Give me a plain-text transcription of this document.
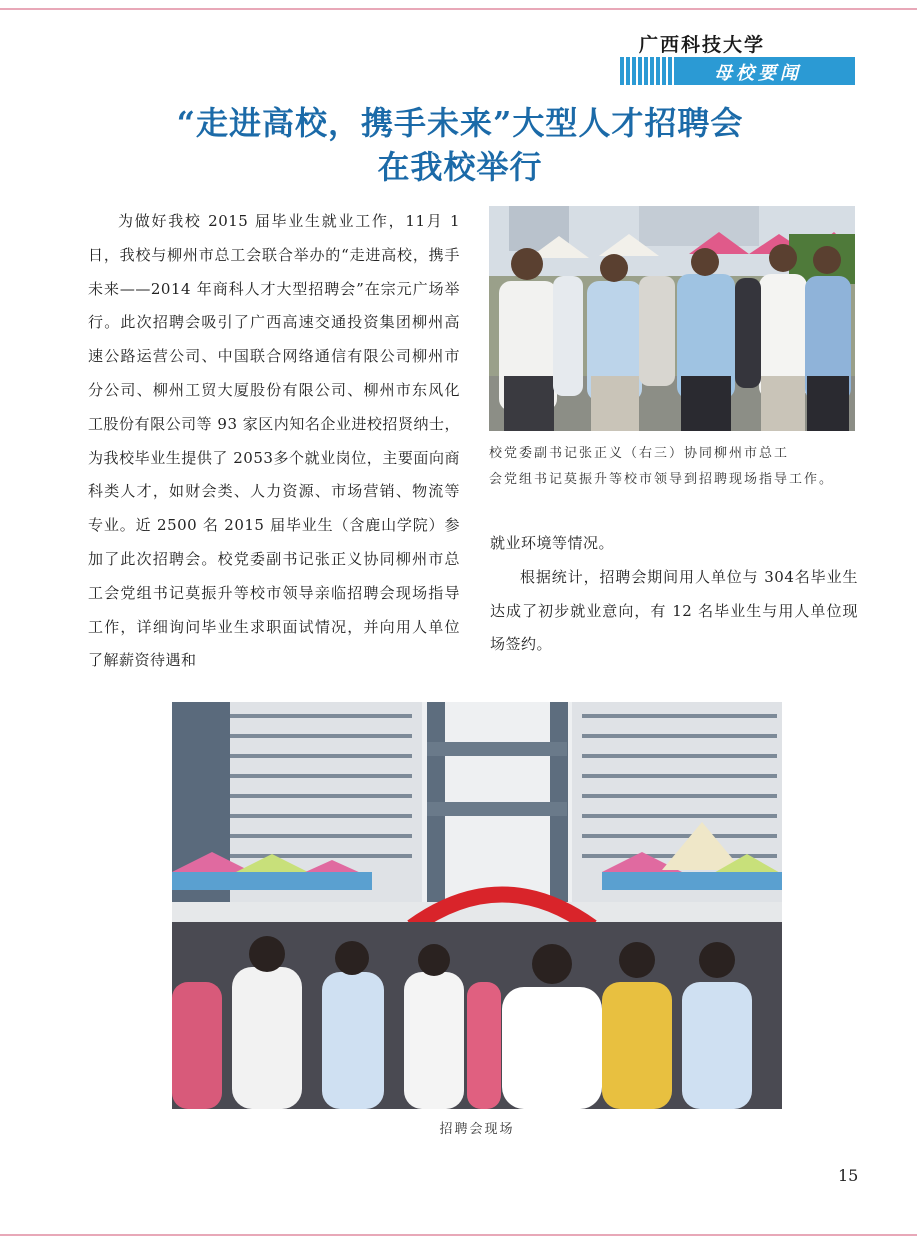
广西科技大学
母校要闻
“走进高校，携手未来”大型人才招聘会
在我校举行

为做好我校 2015 届毕业生就业工作，11月 1 日，我校与柳州市总工会联合举办的“走进高校，携手未来——2014 年商科人才大型招聘会”在宗元广场举行。此次招聘会吸引了广西高速交通投资集团柳州高速公路运营公司、中国联合网络通信有限公司柳州市分公司、柳州工贸大厦股份有限公司、柳州市东风化工股份有限公司等 93 家区内知名企业进校招贤纳士，为我校毕业生提供了 2053多个就业岗位，主要面向商科类人才，如财会类、人力资源、市场营销、物流等专业。近 2500 名 2015 届毕业生（含鹿山学院）参加了此次招聘会。校党委副书记张正义协同柳州市总工会党组书记莫振升等校市领导亲临招聘会现场指导工作，详细询问毕业生求职面试情况，并向用人单位了解薪资待遇和

校党委副书记张正义（右三）协同柳州市总工
会党组书记莫振升等校市领导到招聘现场指导工作。

就业环境等情况。

根据统计，招聘会期间用人单位与 304名毕业生达成了初步就业意向，有 12 名毕业生与用人单位现场签约。

招聘会现场
15
